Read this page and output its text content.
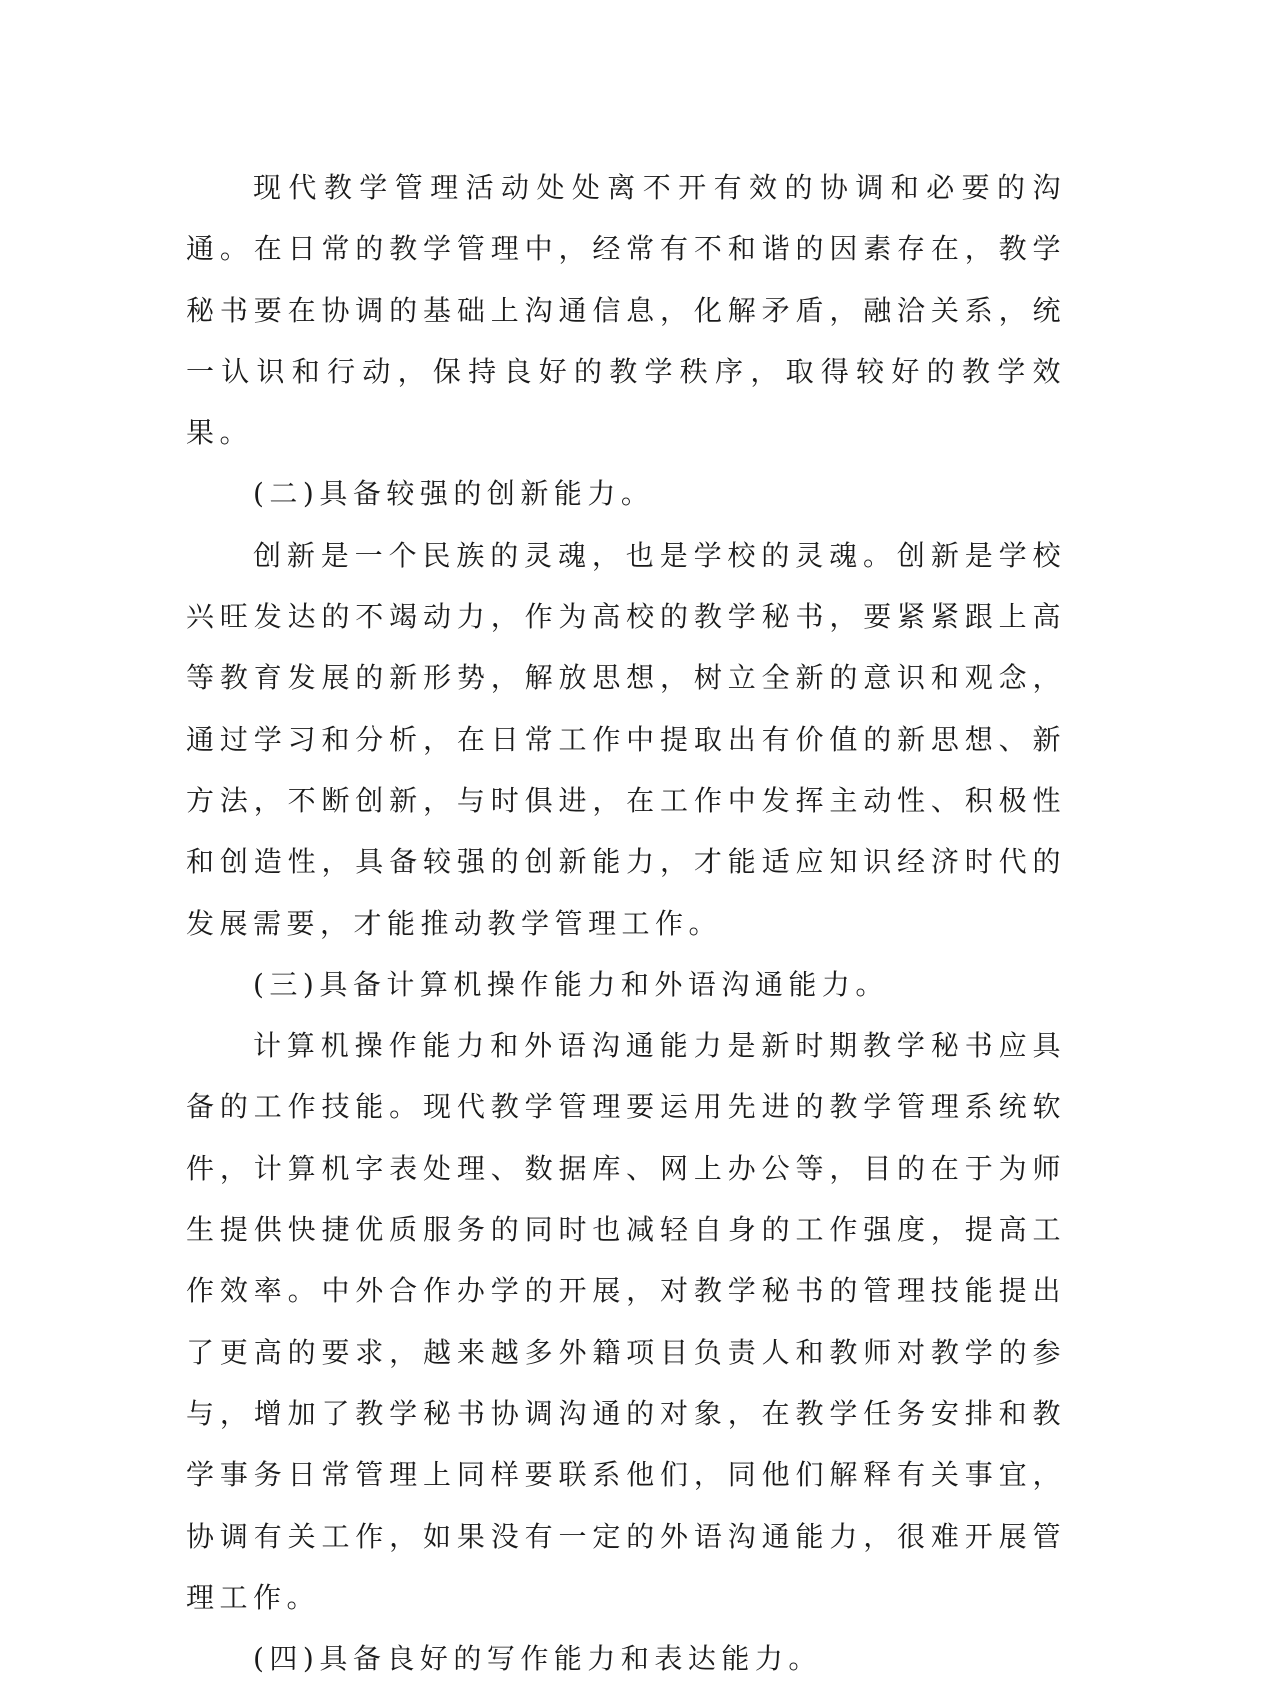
现代教学管理活动处处离不开有效的协调和必要的沟通。在日常的教学管理中，经常有不和谐的因素存在，教学秘书要在协调的基础上沟通信息，化解矛盾，融洽关系，统一认识和行动，保持良好的教学秩序，取得较好的教学效果。

(二)具备较强的创新能力。

创新是一个民族的灵魂，也是学校的灵魂。创新是学校兴旺发达的不竭动力，作为高校的教学秘书，要紧紧跟上高等教育发展的新形势，解放思想，树立全新的意识和观念，通过学习和分析，在日常工作中提取出有价值的新思想、新方法，不断创新，与时俱进，在工作中发挥主动性、积极性和创造性，具备较强的创新能力，才能适应知识经济时代的发展需要，才能推动教学管理工作。

(三)具备计算机操作能力和外语沟通能力。

计算机操作能力和外语沟通能力是新时期教学秘书应具备的工作技能。现代教学管理要运用先进的教学管理系统软件，计算机字表处理、数据库、网上办公等，目的在于为师生提供快捷优质服务的同时也减轻自身的工作强度，提高工作效率。中外合作办学的开展，对教学秘书的管理技能提出了更高的要求，越来越多外籍项目负责人和教师对教学的参与，增加了教学秘书协调沟通的对象，在教学任务安排和教学事务日常管理上同样要联系他们，同他们解释有关事宜，协调有关工作，如果没有一定的外语沟通能力，很难开展管理工作。

(四)具备良好的写作能力和表达能力。
